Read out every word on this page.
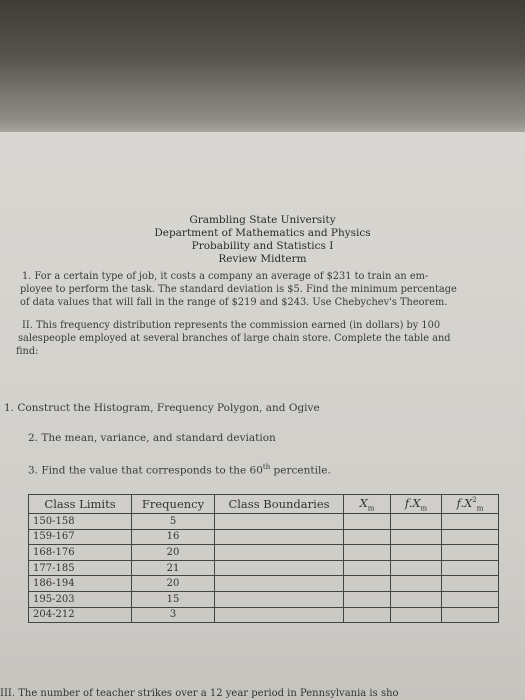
Grambling State University
Department of Mathematics and Physics
Probability and Statistics I
Review Midterm
1. For a certain type of job, it costs a company an average of $231 to train an em-
ployee to perform the task. The standard deviation is $5. Find the minimum percentage
of data values that will fall in the range of $219 and $243. Use Chebychev's Theorem.
II. This frequency distribution represents the commission earned (in dollars) by 100
salespeople employed at several branches of large chain store. Complete the table and
find:
1. Construct the Histogram, Frequency Polygon, and Ogive
2. The mean, variance, and standard deviation
3. Find the value that corresponds to the 60th percentile.
Class Limits	Frequency	Class Boundaries	$X_m$	$f.X_m$	$f.X^2_m$
150-158	5				
159-167	16				
168-176	20				
177-185	21				
186-194	20				
195-203	15				
204-212	3				
III. The number of teacher strikes over a 12 year period in Pennsylvania is sho
